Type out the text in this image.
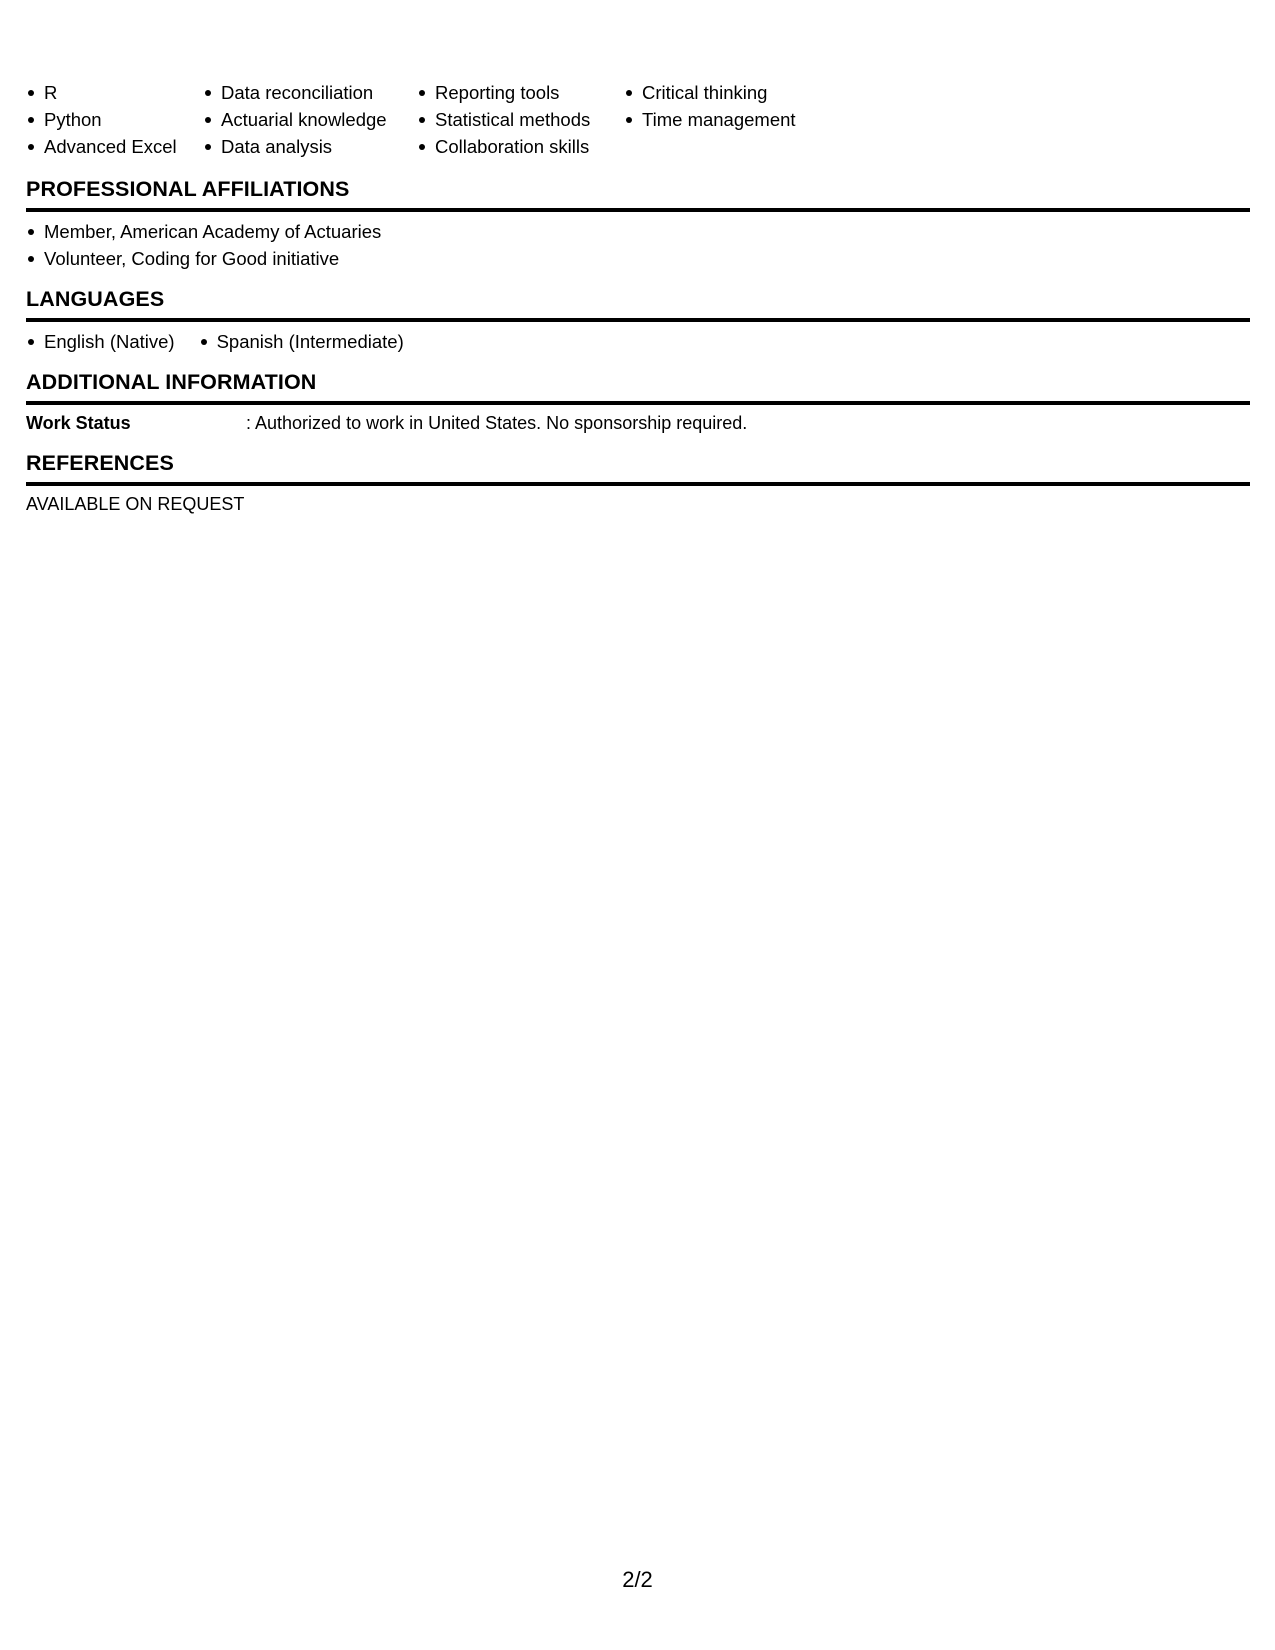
R
Python
Advanced Excel
Data reconciliation
Actuarial knowledge
Data analysis
Reporting tools
Statistical methods
Collaboration skills
Critical thinking
Time management
PROFESSIONAL AFFILIATIONS
Member, American Academy of Actuaries
Volunteer, Coding for Good initiative
LANGUAGES
English (Native)	Spanish (Intermediate)
ADDITIONAL INFORMATION
Work Status	: Authorized to work in United States. No sponsorship required.
REFERENCES
AVAILABLE ON REQUEST
2/2
